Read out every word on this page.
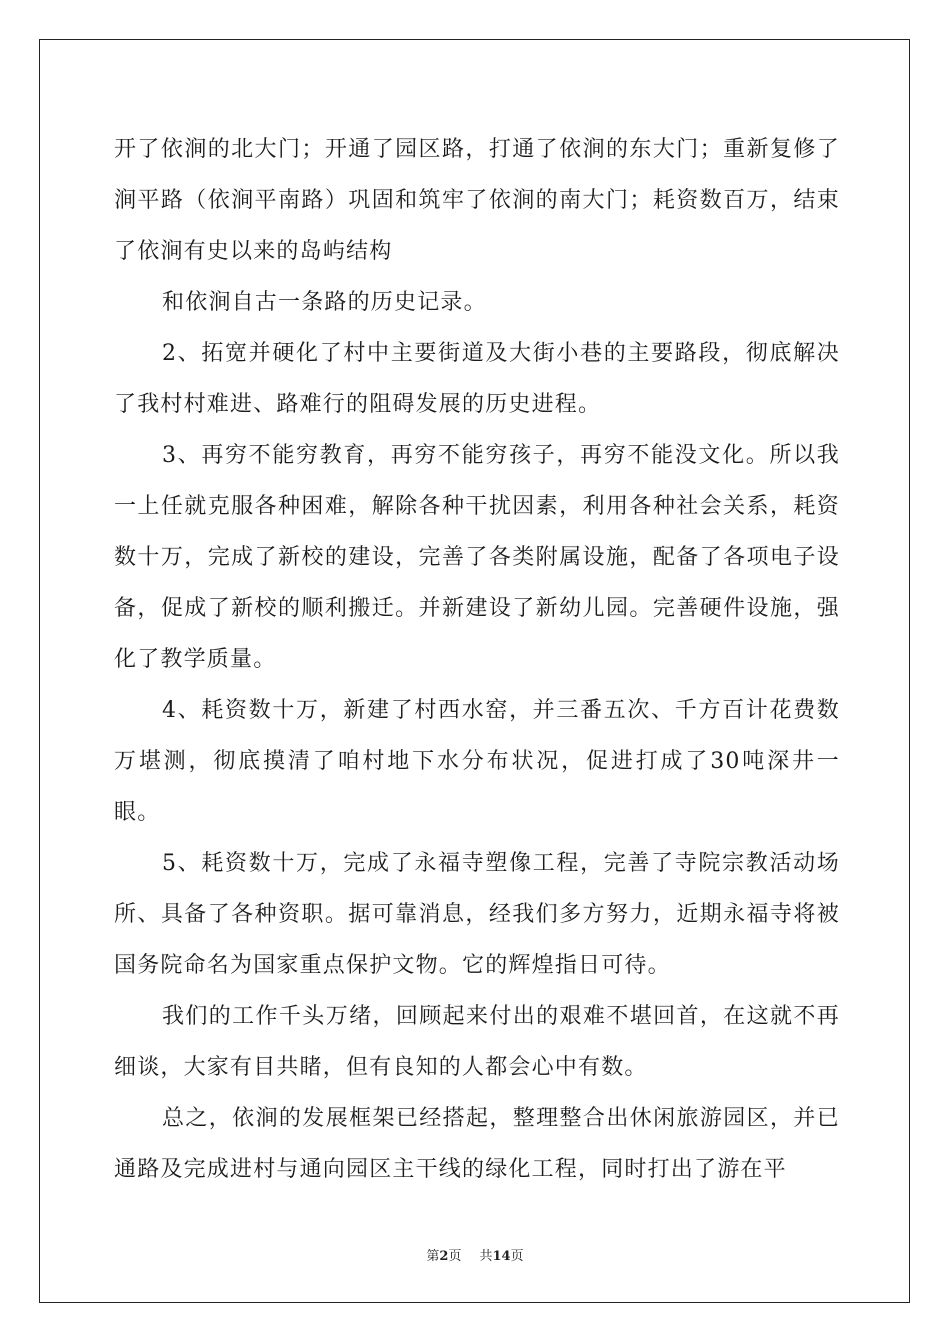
开了依涧的北大门；开通了园区路，打通了依涧的东大门；重新复修了涧平路（依涧平南路）巩固和筑牢了依涧的南大门；耗资数百万，结束了依涧有史以来的岛屿结构

和依涧自古一条路的历史记录。

2、拓宽并硬化了村中主要街道及大街小巷的主要路段，彻底解决了我村村难进、路难行的阻碍发展的历史进程。

3、再穷不能穷教育，再穷不能穷孩子，再穷不能没文化。所以我一上任就克服各种困难，解除各种干扰因素，利用各种社会关系，耗资数十万，完成了新校的建设，完善了各类附属设施，配备了各项电子设备，促成了新校的顺利搬迁。并新建设了新幼儿园。完善硬件设施，强化了教学质量。

4、耗资数十万，新建了村西水窑，并三番五次、千方百计花费数万堪测，彻底摸清了咱村地下水分布状况，促进打成了30吨深井一眼。

5、耗资数十万，完成了永福寺塑像工程，完善了寺院宗教活动场所、具备了各种资职。据可靠消息，经我们多方努力，近期永福寺将被国务院命名为国家重点保护文物。它的辉煌指日可待。

我们的工作千头万绪，回顾起来付出的艰难不堪回首，在这就不再细谈，大家有目共睹，但有良知的人都会心中有数。

总之，依涧的发展框架已经搭起，整理整合出休闲旅游园区，并已通路及完成进村与通向园区主干线的绿化工程，同时打出了游在平

第2页 共14页
